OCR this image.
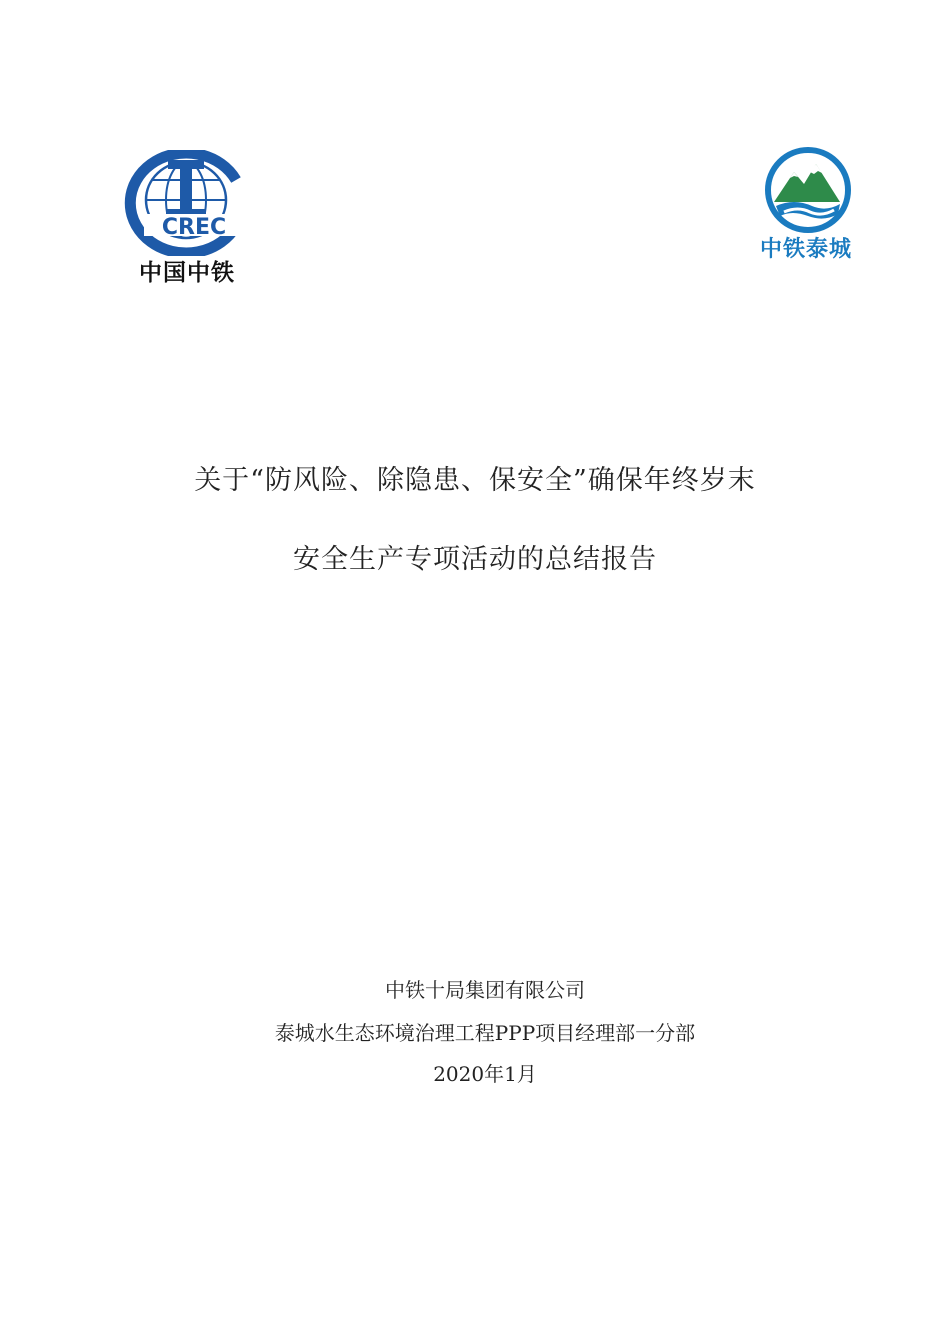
CREC
中国中铁
中铁泰城
关于“防风险、除隐患、保安全”确保年终岁末
安全生产专项活动的总结报告
中铁十局集团有限公司
泰城水生态环境治理工程PPP项目经理部一分部
2020年1月
